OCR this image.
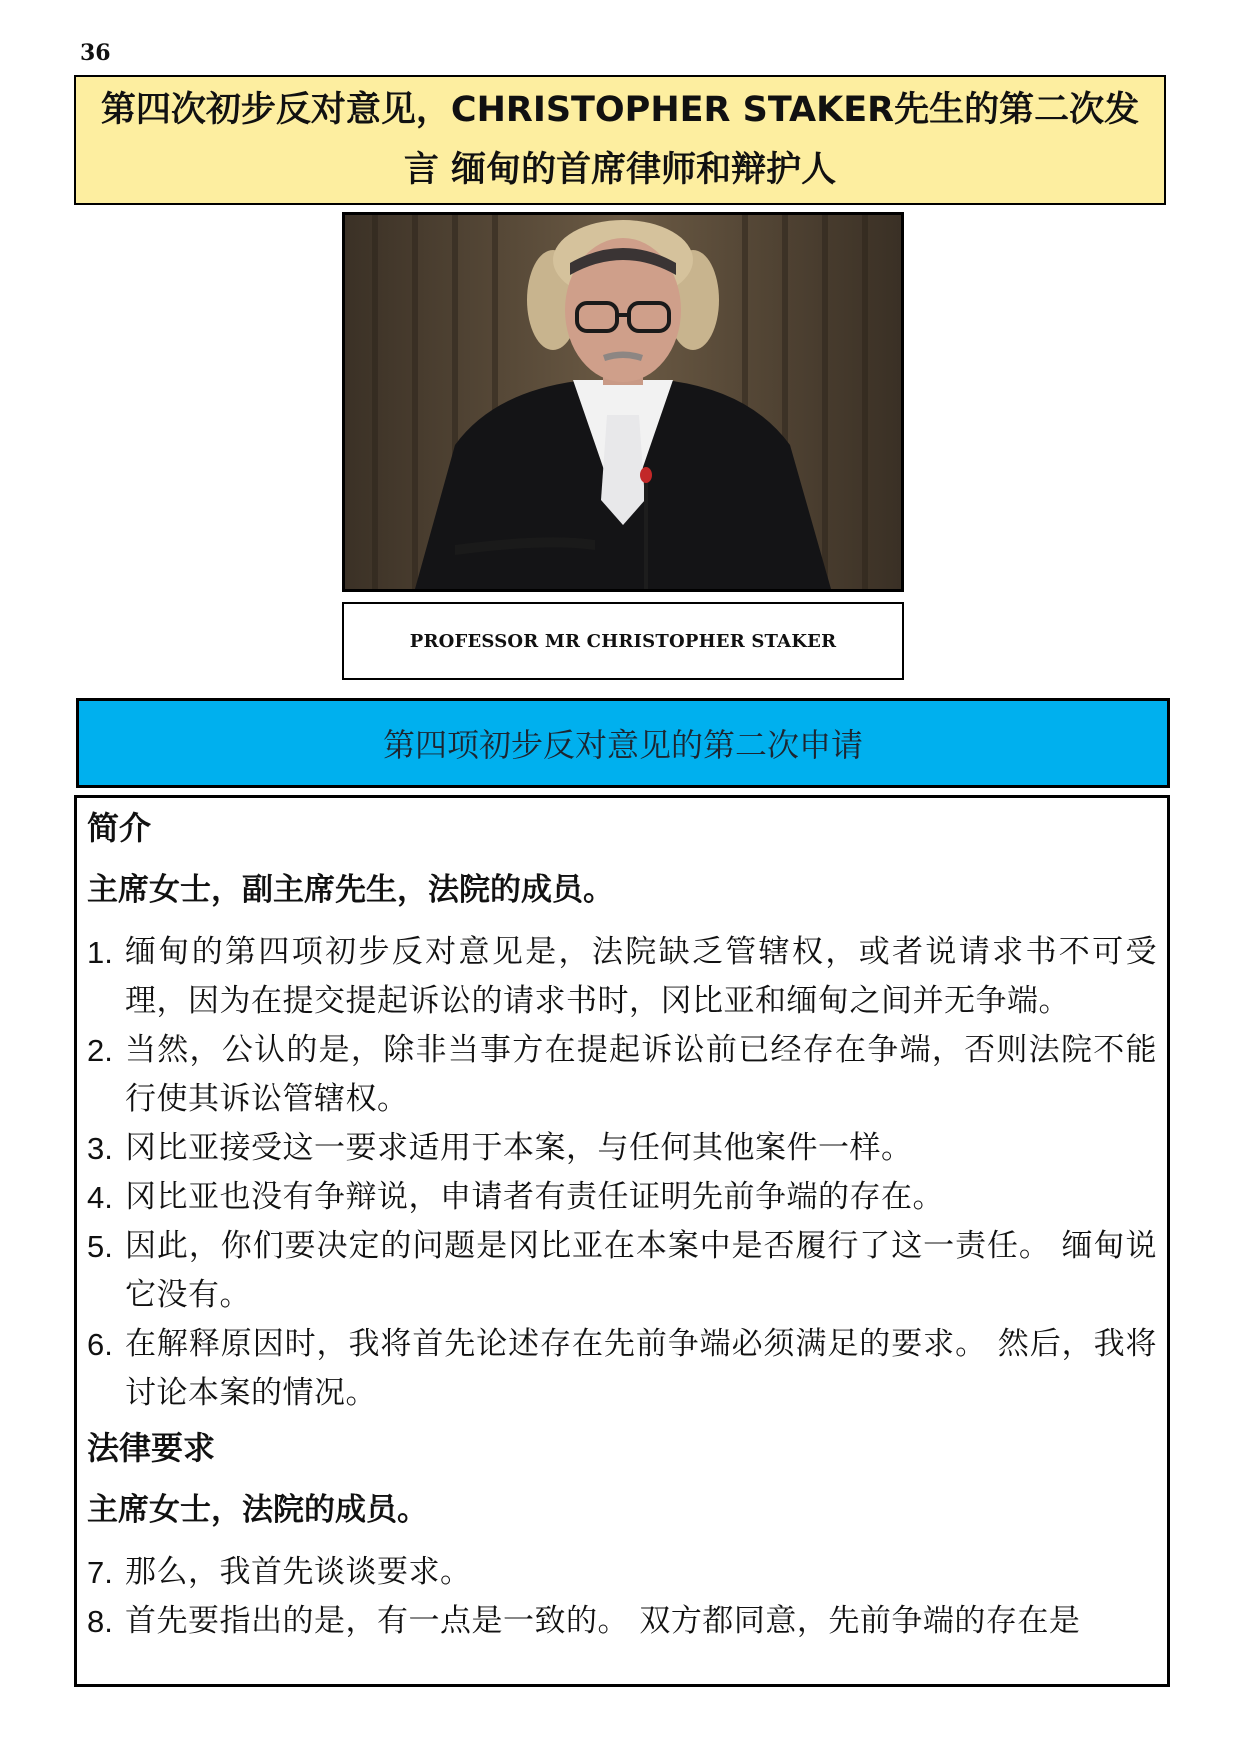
36
第四次初步反对意见，CHRISTOPHER STAKER先生的第二次发言 缅甸的首席律师和辩护人
PROFESSOR MR CHRISTOPHER STAKER
第四项初步反对意见的第二次申请
简介
主席女士，副主席先生，法院的成员。
1. 缅甸的第四项初步反对意见是，法院缺乏管辖权，或者说请求书不可受理，因为在提交提起诉讼的请求书时，冈比亚和缅甸之间并无争端。
2. 当然，公认的是，除非当事方在提起诉讼前已经存在争端，否则法院不能行使其诉讼管辖权。
3. 冈比亚接受这一要求适用于本案，与任何其他案件一样。
4. 冈比亚也没有争辩说，申请者有责任证明先前争端的存在。
5. 因此，你们要决定的问题是冈比亚在本案中是否履行了这一责任。 缅甸说它没有。
6. 在解释原因时，我将首先论述存在先前争端必须满足的要求。 然后，我将讨论本案的情况。
法律要求
主席女士，法院的成员。
7. 那么，我首先谈谈要求。
8. 首先要指出的是，有一点是一致的。 双方都同意，先前争端的存在是
